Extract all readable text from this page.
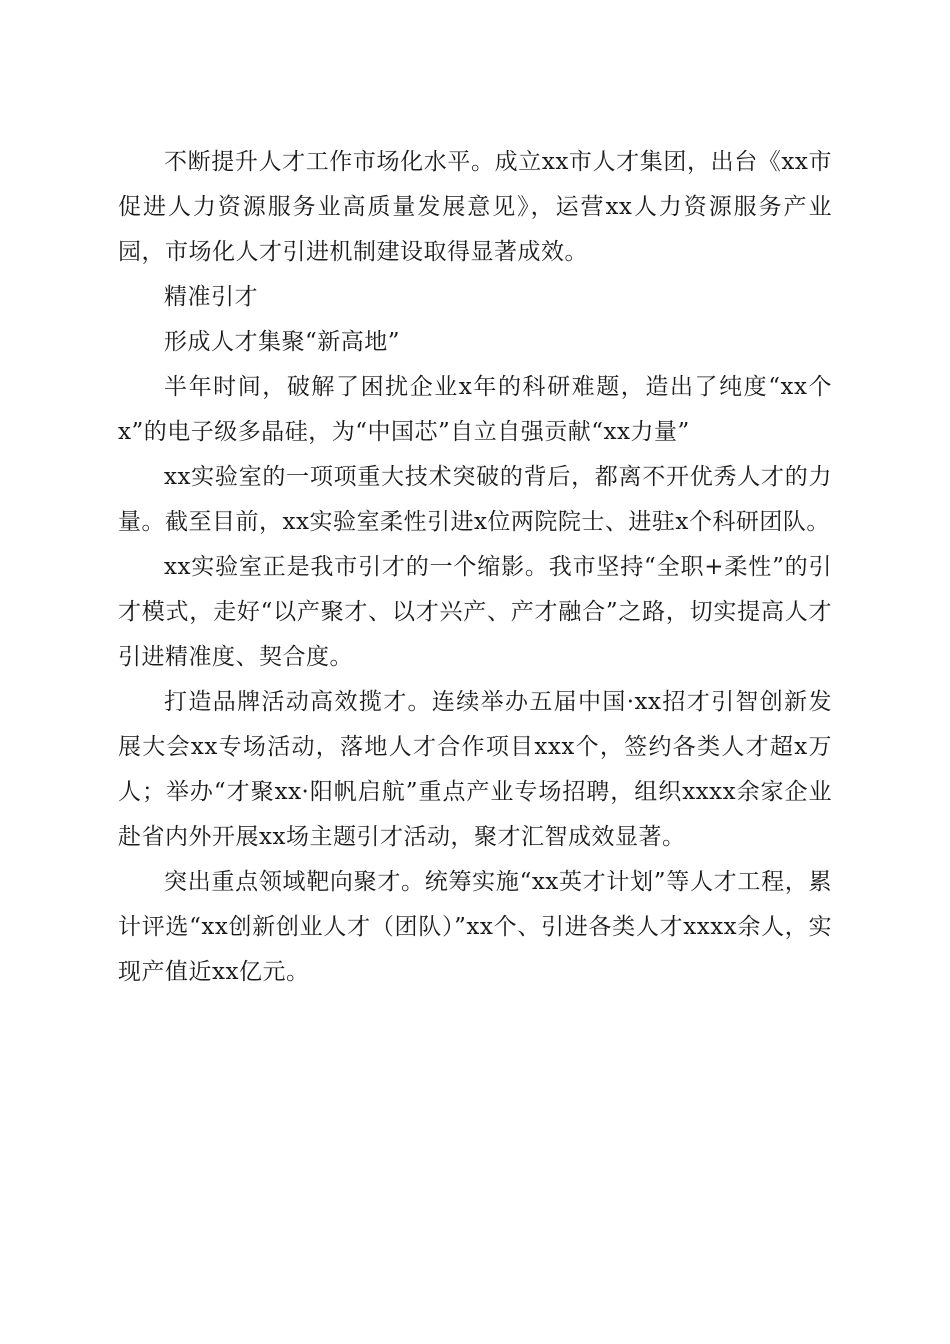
不断提升人才工作市场化水平。成立xx市人才集团，出台《xx市促进人力资源服务业高质量发展意见》，运营xx人力资源服务产业园，市场化人才引进机制建设取得显著成效。

精准引才

形成人才集聚“新高地”

半年时间，破解了困扰企业x年的科研难题，造出了纯度“xx个x”的电子级多晶硅，为“中国芯”自立自强贡献“xx力量”

xx实验室的一项项重大技术突破的背后，都离不开优秀人才的力量。截至目前，xx实验室柔性引进x位两院院士、进驻x个科研团队。

xx实验室正是我市引才的一个缩影。我市坚持“全职+柔性”的引才模式，走好“以产聚才、以才兴产、产才融合”之路，切实提高人才引进精准度、契合度。

打造品牌活动高效揽才。连续举办五届中国·xx招才引智创新发展大会xx专场活动，落地人才合作项目xxx个，签约各类人才超x万人；举办“才聚xx·阳帆启航”重点产业专场招聘，组织xxxx余家企业赴省内外开展xx场主题引才活动，聚才汇智成效显著。

突出重点领域靶向聚才。统筹实施“xx英才计划”等人才工程，累计评选“xx创新创业人才（团队）”xx个、引进各类人才xxxx余人，实现产值近xx亿元。
